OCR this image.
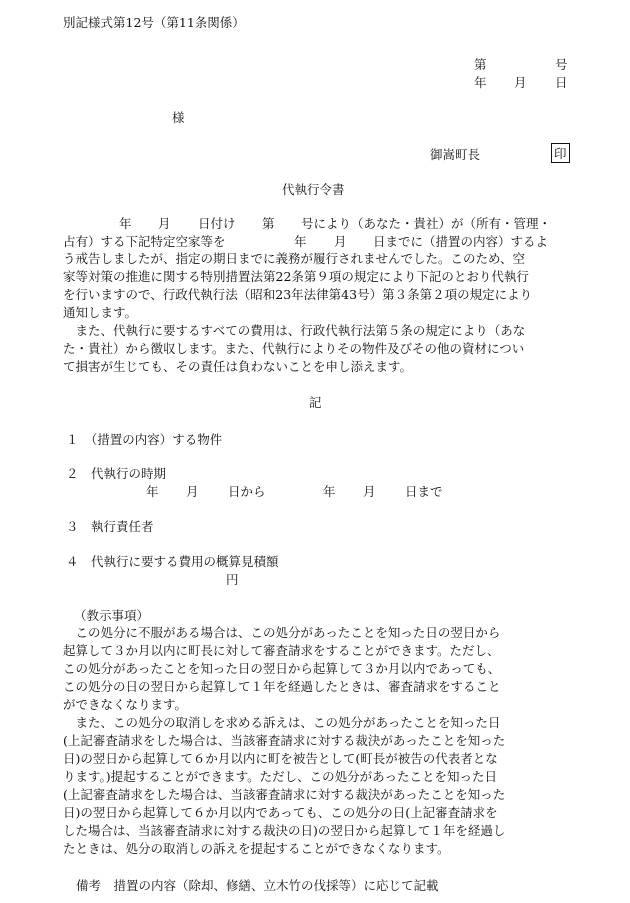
別記様式第12号（第11条関係）
第	号
年 月 日
様
御嵩町長	印
代執行令書
年 月 日付け 第 号により（あなた・貴社）が（所有・管理・
占有）する下記特定空家等を	年 月 日までに（措置の内容）するよ
う戒告しましたが、指定の期日までに義務が履行されませんでした。このため、空
家等対策の推進に関する特別措置法第22条第９項の規定により下記のとおり代執行
を行いますので、行政代執行法（昭和23年法律第43号）第３条第２項の規定により
通知します。
　また、代執行に要するすべての費用は、行政代執行法第５条の規定により（あな
た・貴社）から徴収します。また、代執行によりその物件及びその他の資材につい
て損害が生じても、その責任は負わないことを申し添えます。
記
１　（措置の内容）する物件
２　代執行の時期
年 月 日から	年 月 日まで
３　執行責任者
４　代執行に要する費用の概算見積額
円
（教示事項）
　この処分に不服がある場合は、この処分があったことを知った日の翌日から
起算して３か月以内に町長に対して審査請求をすることができます。ただし、
この処分があったことを知った日の翌日から起算して３か月以内であっても、
この処分の日の翌日から起算して１年を経過したときは、審査請求をすること
ができなくなります。
　また、この処分の取消しを求める訴えは、この処分があったことを知った日
(上記審査請求をした場合は、当該審査請求に対する裁決があったことを知った
日)の翌日から起算して６か月以内に町を被告として(町長が被告の代表者とな
ります。)提起することができます。ただし、この処分があったことを知った日
(上記審査請求をした場合は、当該審査請求に対する裁決があったことを知った
日)の翌日から起算して６か月以内であっても、この処分の日(上記審査請求を
した場合は、当該審査請求に対する裁決の日)の翌日から起算して１年を経過し
たときは、処分の取消しの訴えを提起することができなくなります。
備考　措置の内容（除却、修繕、立木竹の伐採等）に応じて記載
